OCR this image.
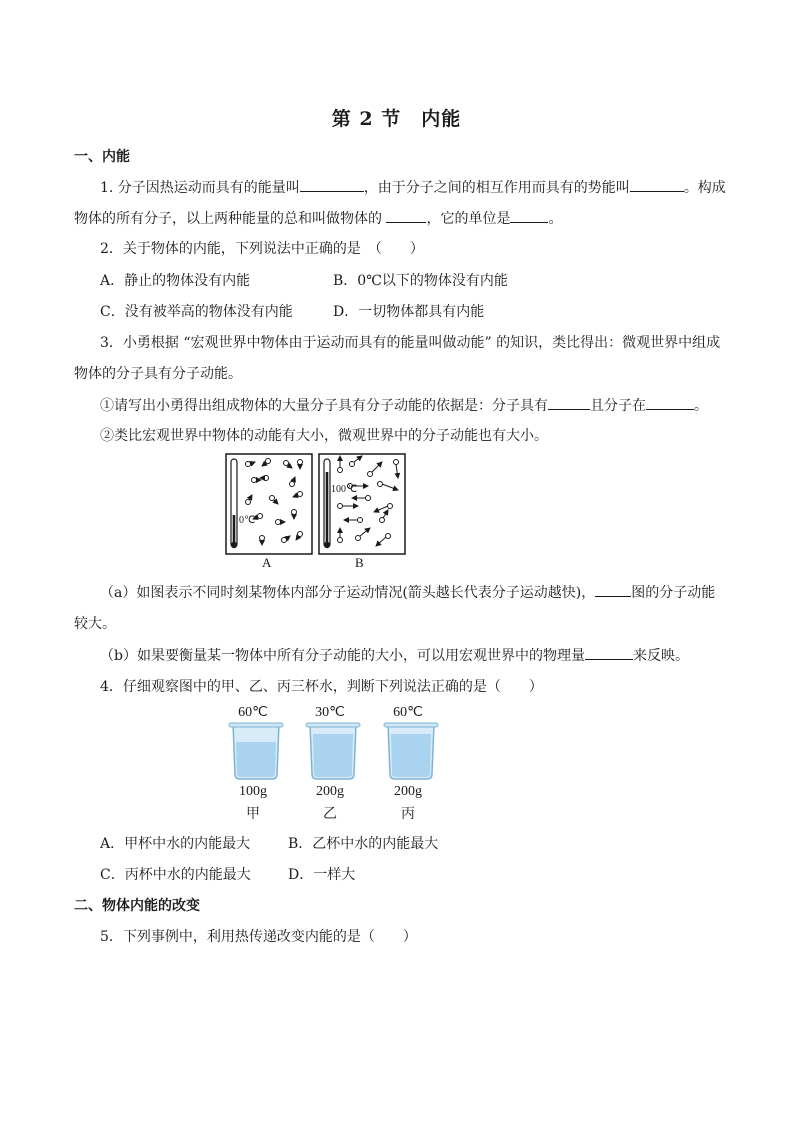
第 2 节　内能
一、内能
1. 分子因热运动而具有的能量叫	，由于分子之间的相互作用而具有的势能叫	。构成
物体的所有分子，以上两种能量的总和叫做物体的	，它的单位是	。
2．关于物体的内能，下列说法中正确的是　（　　）
A．静止的物体没有内能	B．0℃以下的物体没有内能
C．没有被举高的物体没有内能	D．一切物体都具有内能
3．小勇根据 “宏观世界中物体由于运动而具有的能量叫做动能” 的知识，类比得出：微观世界中组成
物体的分子具有分子动能。
①请写出小勇得出组成物体的大量分子具有分子动能的依据是：分子具有	且分子在	。
②类比宏观世界中物体的动能有大小，微观世界中的分子动能也有大小。
0℃
100℃
A	B
（a）如图表示不同时刻某物体内部分子运动情况(箭头越长代表分子运动越快)，	图的分子动能
较大。
（b）如果要衡量某一物体中所有分子动能的大小，可以用宏观世界中的物理量	来反映。
4．仔细观察图中的甲、乙、丙三杯水，判断下列说法正确的是（　　）
60℃	30℃	60℃
100g	200g	200g
甲	乙	丙
A．甲杯中水的内能最大	B．乙杯中水的内能最大
C．丙杯中水的内能最大	D．一样大
二、物体内能的改变
5．下列事例中，利用热传递改变内能的是（　　）
